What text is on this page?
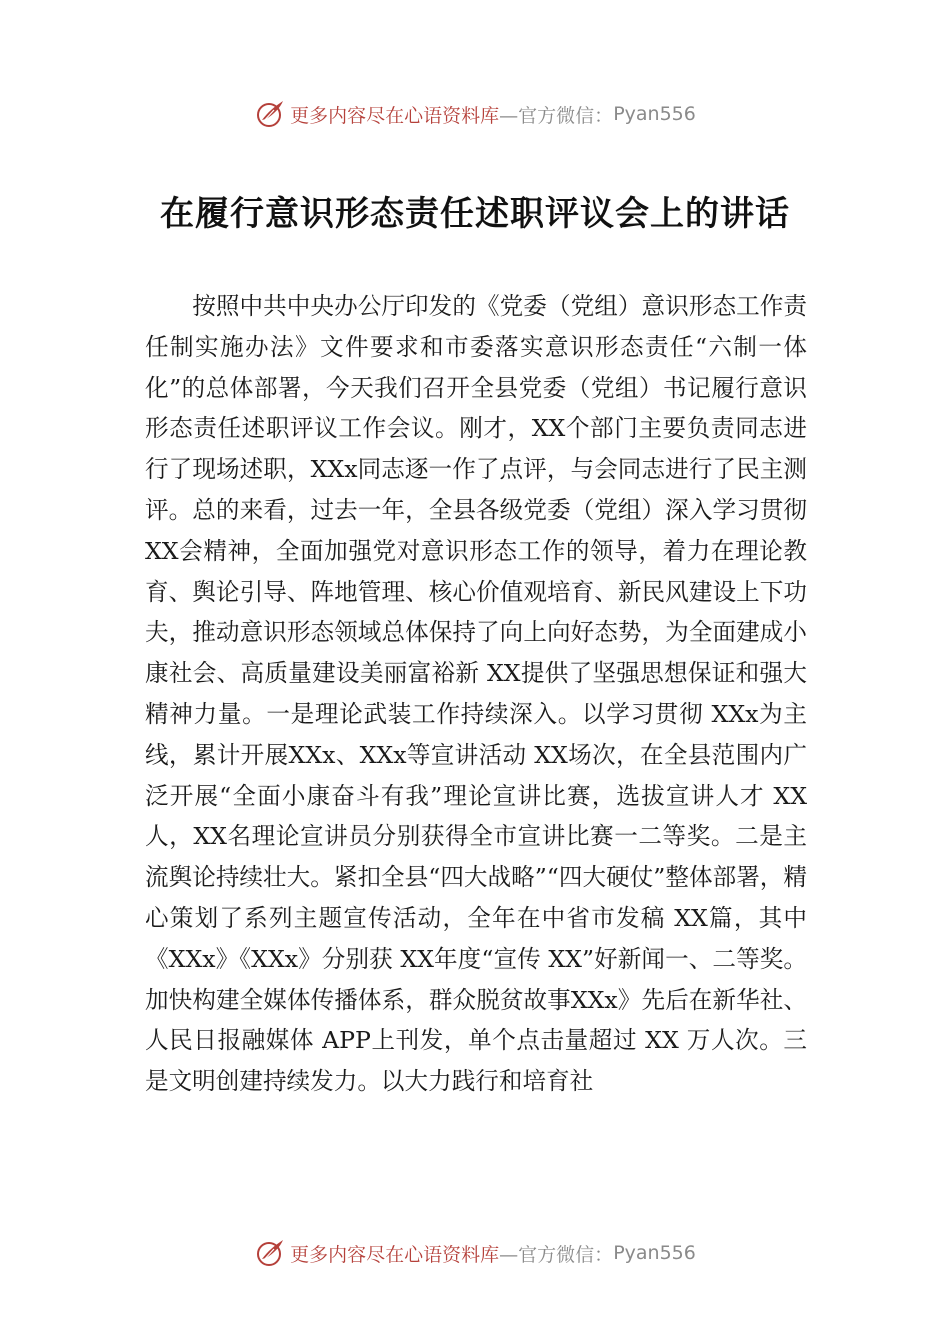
更多内容尽在心语资料库 —官方微信： Pyan556
在履行意识形态责任述职评议会上的讲话

按照中共中央办公厅印发的《党委（党组）意识形态工作责任制实施办法》文件要求和市委落实意识形态责任“六制一体化”的总体部署，今天我们召开全县党委（党组）书记履行意识形态责任述职评议工作会议。刚才，XX个部门主要负责同志进行了现场述职，XXx同志逐一作了点评，与会同志进行了民主测评。总的来看，过去一年，全县各级党委（党组）深入学习贯彻 XX会精神，全面加强党对意识形态工作的领导，着力在理论教育、舆论引导、阵地管理、核心价值观培育、新民风建设上下功夫，推动意识形态领域总体保持了向上向好态势，为全面建成小康社会、高质量建设美丽富裕新 XX提供了坚强思想保证和强大精神力量。一是理论武装工作持续深入。以学习贯彻 XXx为主线，累计开展XXx、XXx等宣讲活动 XX场次，在全县范围内广泛开展“全面小康奋斗有我”理论宣讲比赛，选拔宣讲人才 XX人，XX名理论宣讲员分别获得全市宣讲比赛一二等奖。二是主流舆论持续壮大。紧扣全县“四大战略”“四大硬仗”整体部署，精心策划了系列主题宣传活动，全年在中省市发稿 XX篇，其中《XXx》《XXx》分别获 XX年度“宣传 XX”好新闻一、二等奖。加快构建全媒体传播体系，群众脱贫故事XXx》先后在新华社、人民日报融媒体 APP上刊发，单个点击量超过 XX 万人次。三是文明创建持续发力。以大力践行和培育社

更多内容尽在心语资料库 —官方微信： Pyan556
